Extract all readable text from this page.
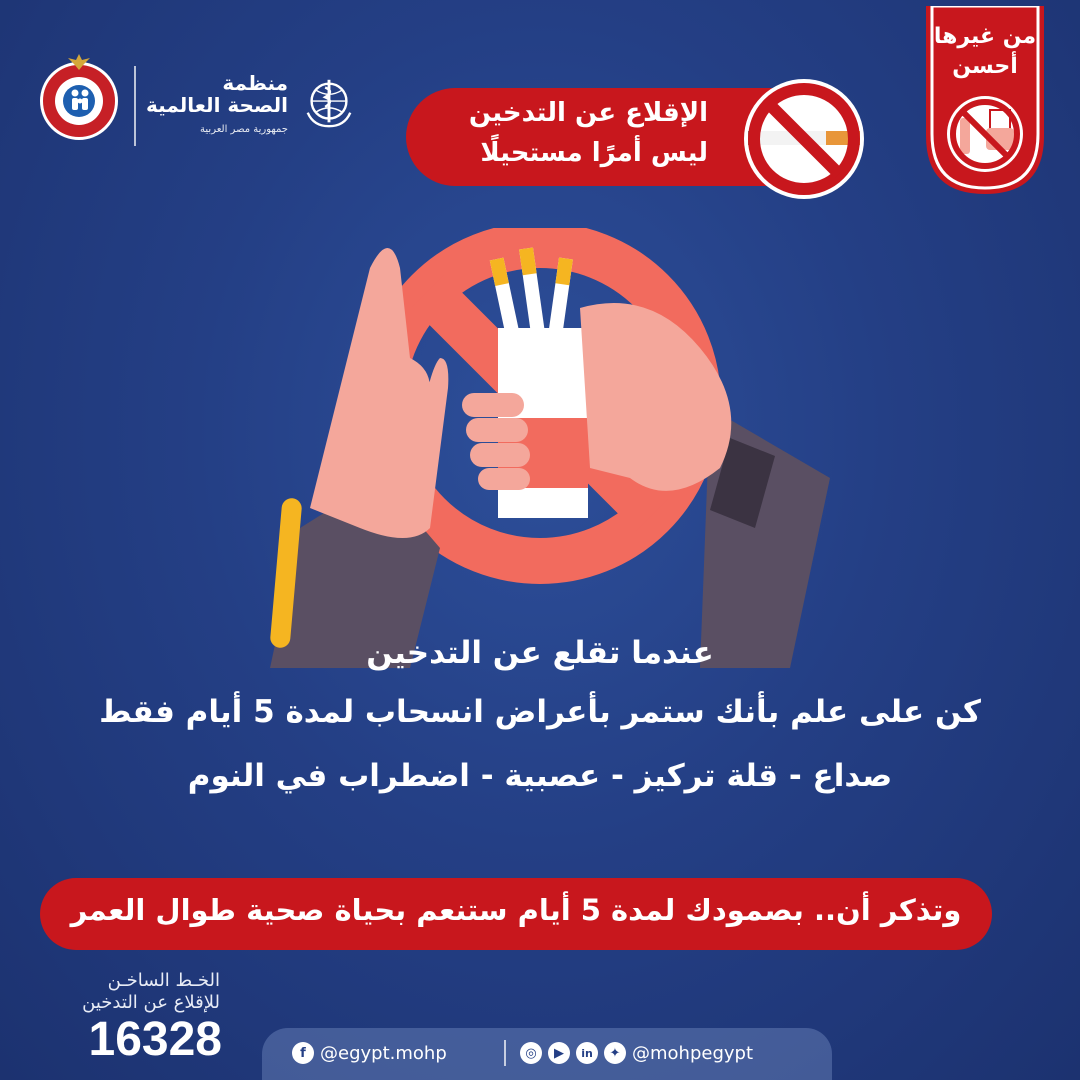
منظمة
الصحة العالمية
جمهورية مصر العربية
الإقلاع عن التدخين
ليس أمرًا مستحيلًا
من غيرها
أحسن
عندما تقلع عن التدخين
كن على علم بأنك ستمر بأعراض انسحاب لمدة 5 أيام فقط
صداع - قلة تركيز - عصبية - اضطراب في النوم
وتذكر أن.. بصمودك لمدة 5 أيام ستنعم بحياة صحية طوال العمر
الخـط الساخـن
للإقلاع عن التدخين
16328	f @egypt.mohp	◎	▶	in	✦ @mohpegypt
